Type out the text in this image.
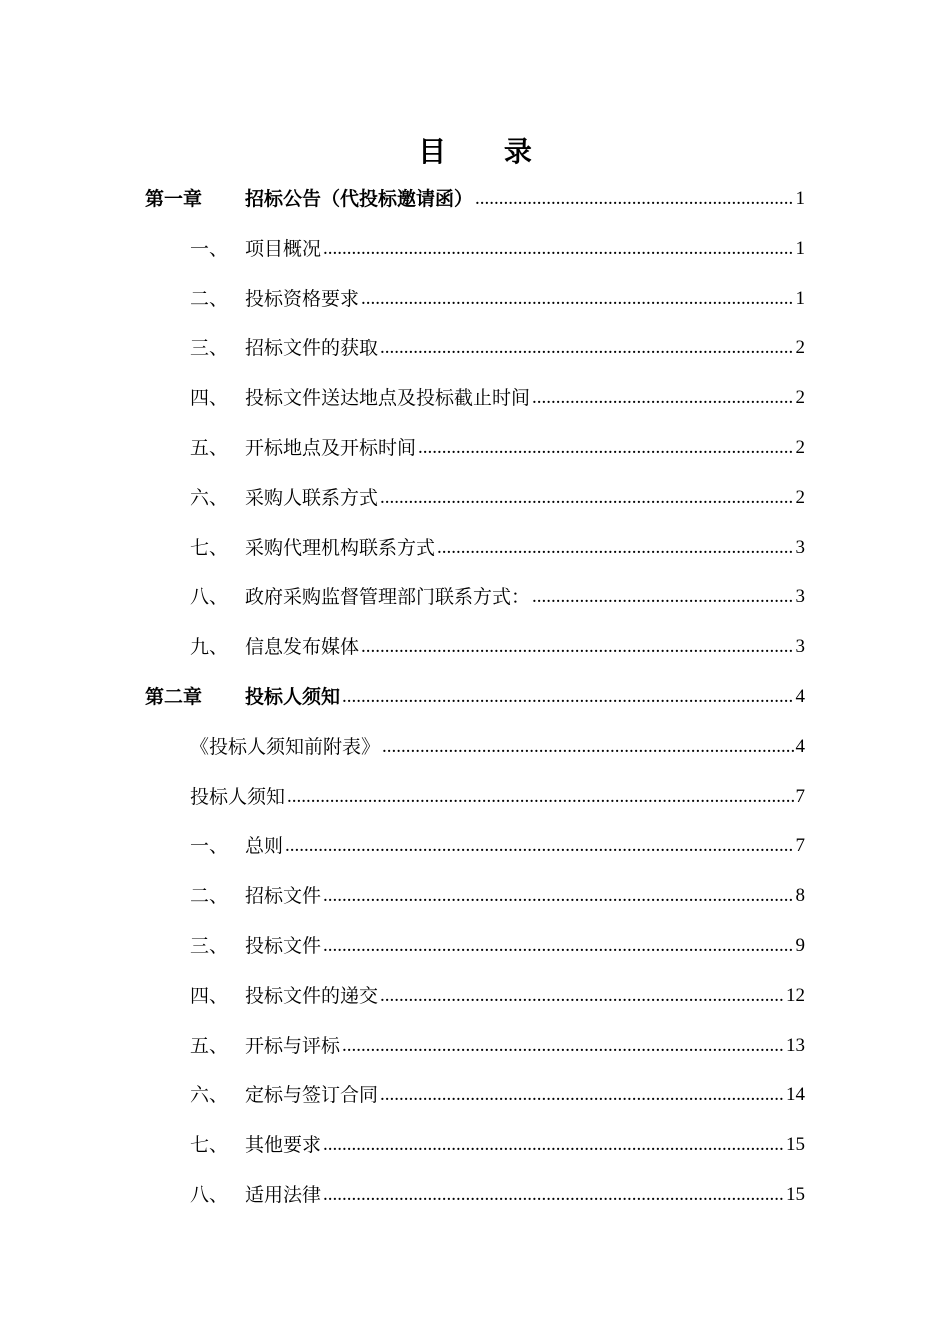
目 录
第一章	招标公告（代投标邀请函） .....	1
一、 项目概况 .....	1
二、 投标资格要求 .....	1
三、 招标文件的获取 .....	2
四、 投标文件送达地点及投标截止时间 .....	2
五、 开标地点及开标时间 .....	2
六、 采购人联系方式 .....	2
七、 采购代理机构联系方式 .....	3
八、 政府采购监督管理部门联系方式： .....	3
九、 信息发布媒体 .....	3
第二章	投标人须知 .....	4
《投标人须知前附表》 .....	4
投标人须知 .....	7
一、 总则 .....	7
二、 招标文件 .....	8
三、 投标文件 .....	9
四、 投标文件的递交 .....	12
五、 开标与评标 .....	13
六、 定标与签订合同 .....	14
七、 其他要求 .....	15
八、 适用法律 .....	15
